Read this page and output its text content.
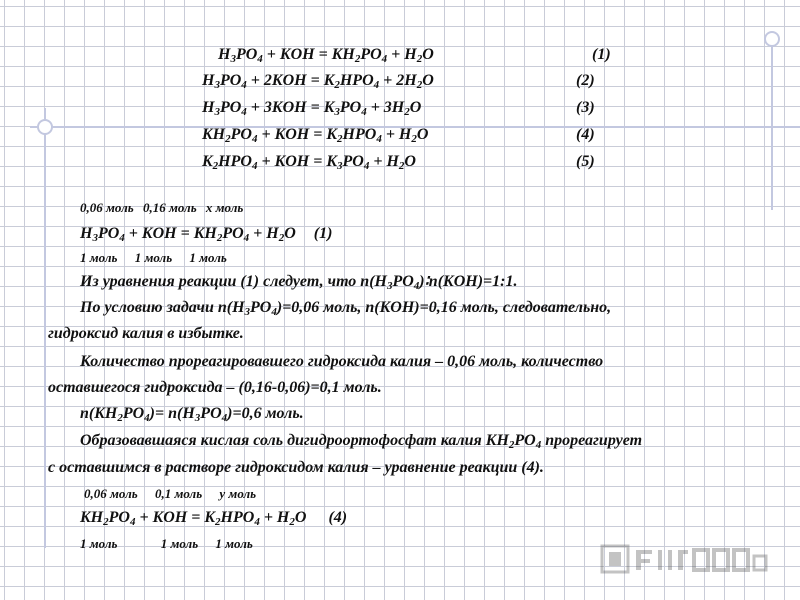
$H_3PO_4$ + KOH = $KH_2PO_4 + H_2O$	(1)
$H_3PO_4 + 2KOH = K_2HPO_4 + 2H_2O$	(2)
$H_3PO_4 + 3KOH = K_3PO_4 + 3H_2O$	(3)
$KH_2PO_4$ + KOH = $K_2HPO_4 + H_2O$	(4)
$K_2HPO_4$ + KOH = $K_3PO_4 + H_2O$	(5)
0,06 моль 0,16 моль х моль
$H_3PO_4$ + KOH = $KH_2PO_4 + H_2O$ (1)
1 моль 1 моль 1 моль
Из уравнения реакции (1) следует, что $n(H_3PO_4)∶n(KOH)=1:1$.
По условию задачи $n(H_3PO_4)=0,06$ моль, n(KOH)=0,16 моль, следовательно,
гидроксид калия в избытке.
Количество прореагировавшего гидроксида калия – 0,06 моль, количество
оставшегося гидроксида – (0,16-0,06)=0,1 моль.
$n(KH_2PO_4)= n(H_3PO_4)=0,6$ моль.
Образовавшаяся кислая соль дигидроортофосфат калия $KH_2PO_4$ прореагирует
с оставшимся в растворе гидроксидом калия – уравнение реакции (4).
0,06 моль 0,1 моль у моль
$KH_2PO_4$ + KOH = $K_2HPO_4 + H_2O$ (4)
1 моль	1 моль 1 моль
